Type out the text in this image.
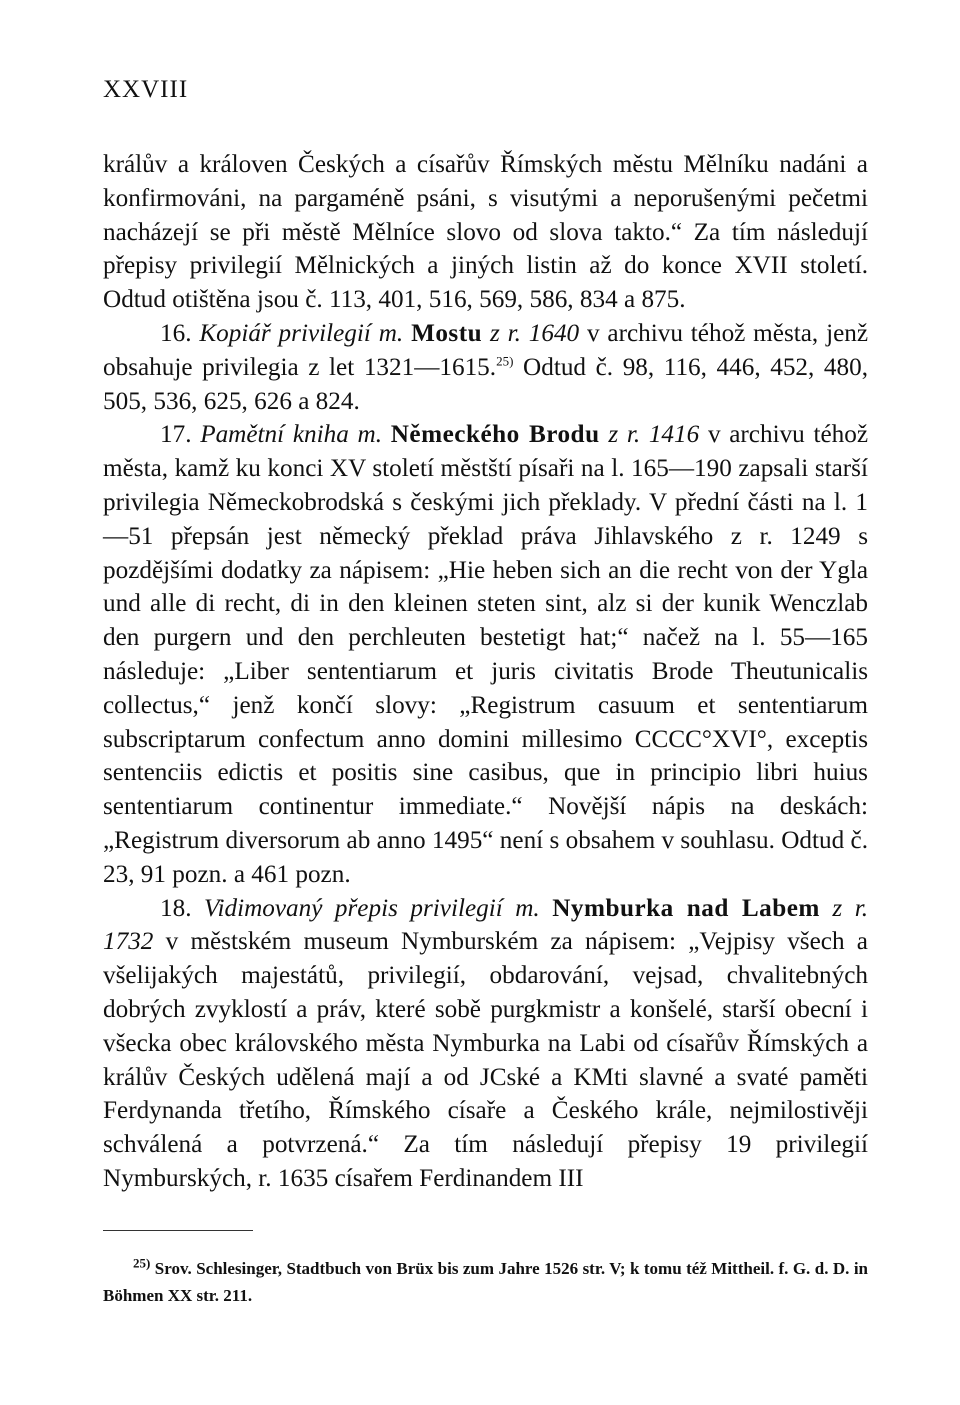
XXVIII

králův a královen Českých a císařův Římských městu Mělníku nadáni a konfirmováni, na pargaméně psáni, s visutými a neporušenými pečetmi nacházejí se při městě Mělníce slovo od slova takto.“ Za tím následují přepisy privilegií Mělnických a jiných listin až do konce XVII století. Odtud otištěna jsou č. 113, 401, 516, 569, 586, 834 a 875.

16. Kopiář privilegií m. Mostu z r. 1640 v archivu téhož města, jenž obsahuje privilegia z let 1321—1615.$^{25)}$ Odtud č. 98, 116, 446, 452, 480, 505, 536, 625, 626 a 824.

17. Pamětní kniha m. Německého Brodu z r. 1416 v archivu téhož města, kamž ku konci XV století městští písaři na l. 165—190 zapsali starší privilegia Německobrodská s českými jich překlady. V přední části na l. 1—51 přepsán jest německý překlad práva Jihlavského z r. 1249 s pozdějšími dodatky za nápisem: „Hie heben sich an die recht von der Ygla und alle di recht, di in den kleinen steten sint, alz si der kunik Wenczlab den purgern und den perchleuten bestetigt hat;“ načež na l. 55—165 následuje: „Liber sententiarum et juris civitatis Brode Theutunicalis collectus,“ jenž končí slovy: „Registrum casuum et sententiarum subscriptarum confectum anno domini millesimo CCCC°XVI°, exceptis sentenciis edictis et positis sine casibus, que in principio libri huius sententiarum continentur immediate.“ Novější nápis na deskách: „Registrum diversorum ab anno 1495“ není s obsahem v souhlasu. Odtud č. 23, 91 pozn. a 461 pozn.

18. Vidimovaný přepis privilegií m. Nymburka nad Labem z r. 1732 v městském museum Nymburském za nápisem: „Vejpisy všech a všelijakých majestátů, privilegií, obdarování, vejsad, chvalitebných dobrých zvyklostí a práv, které sobě purgkmistr a konšelé, starší obecní i všecka obec královského města Nymburka na Labi od císařův Římských a králův Českých udělená mají a od JCské a KMti slavné a svaté paměti Ferdynanda třetího, Římského císaře a Českého krále, nejmilostivěji schválená a potvrzená.“ Za tím následují přepisy 19 privilegií Nymburských, r. 1635 císařem Ferdinandem III

$^{25)}$ Srov. Schlesinger, Stadtbuch von Brüx bis zum Jahre 1526 str. V; k tomu též Mittheil. f. G. d. D. in Böhmen XX str. 211.
